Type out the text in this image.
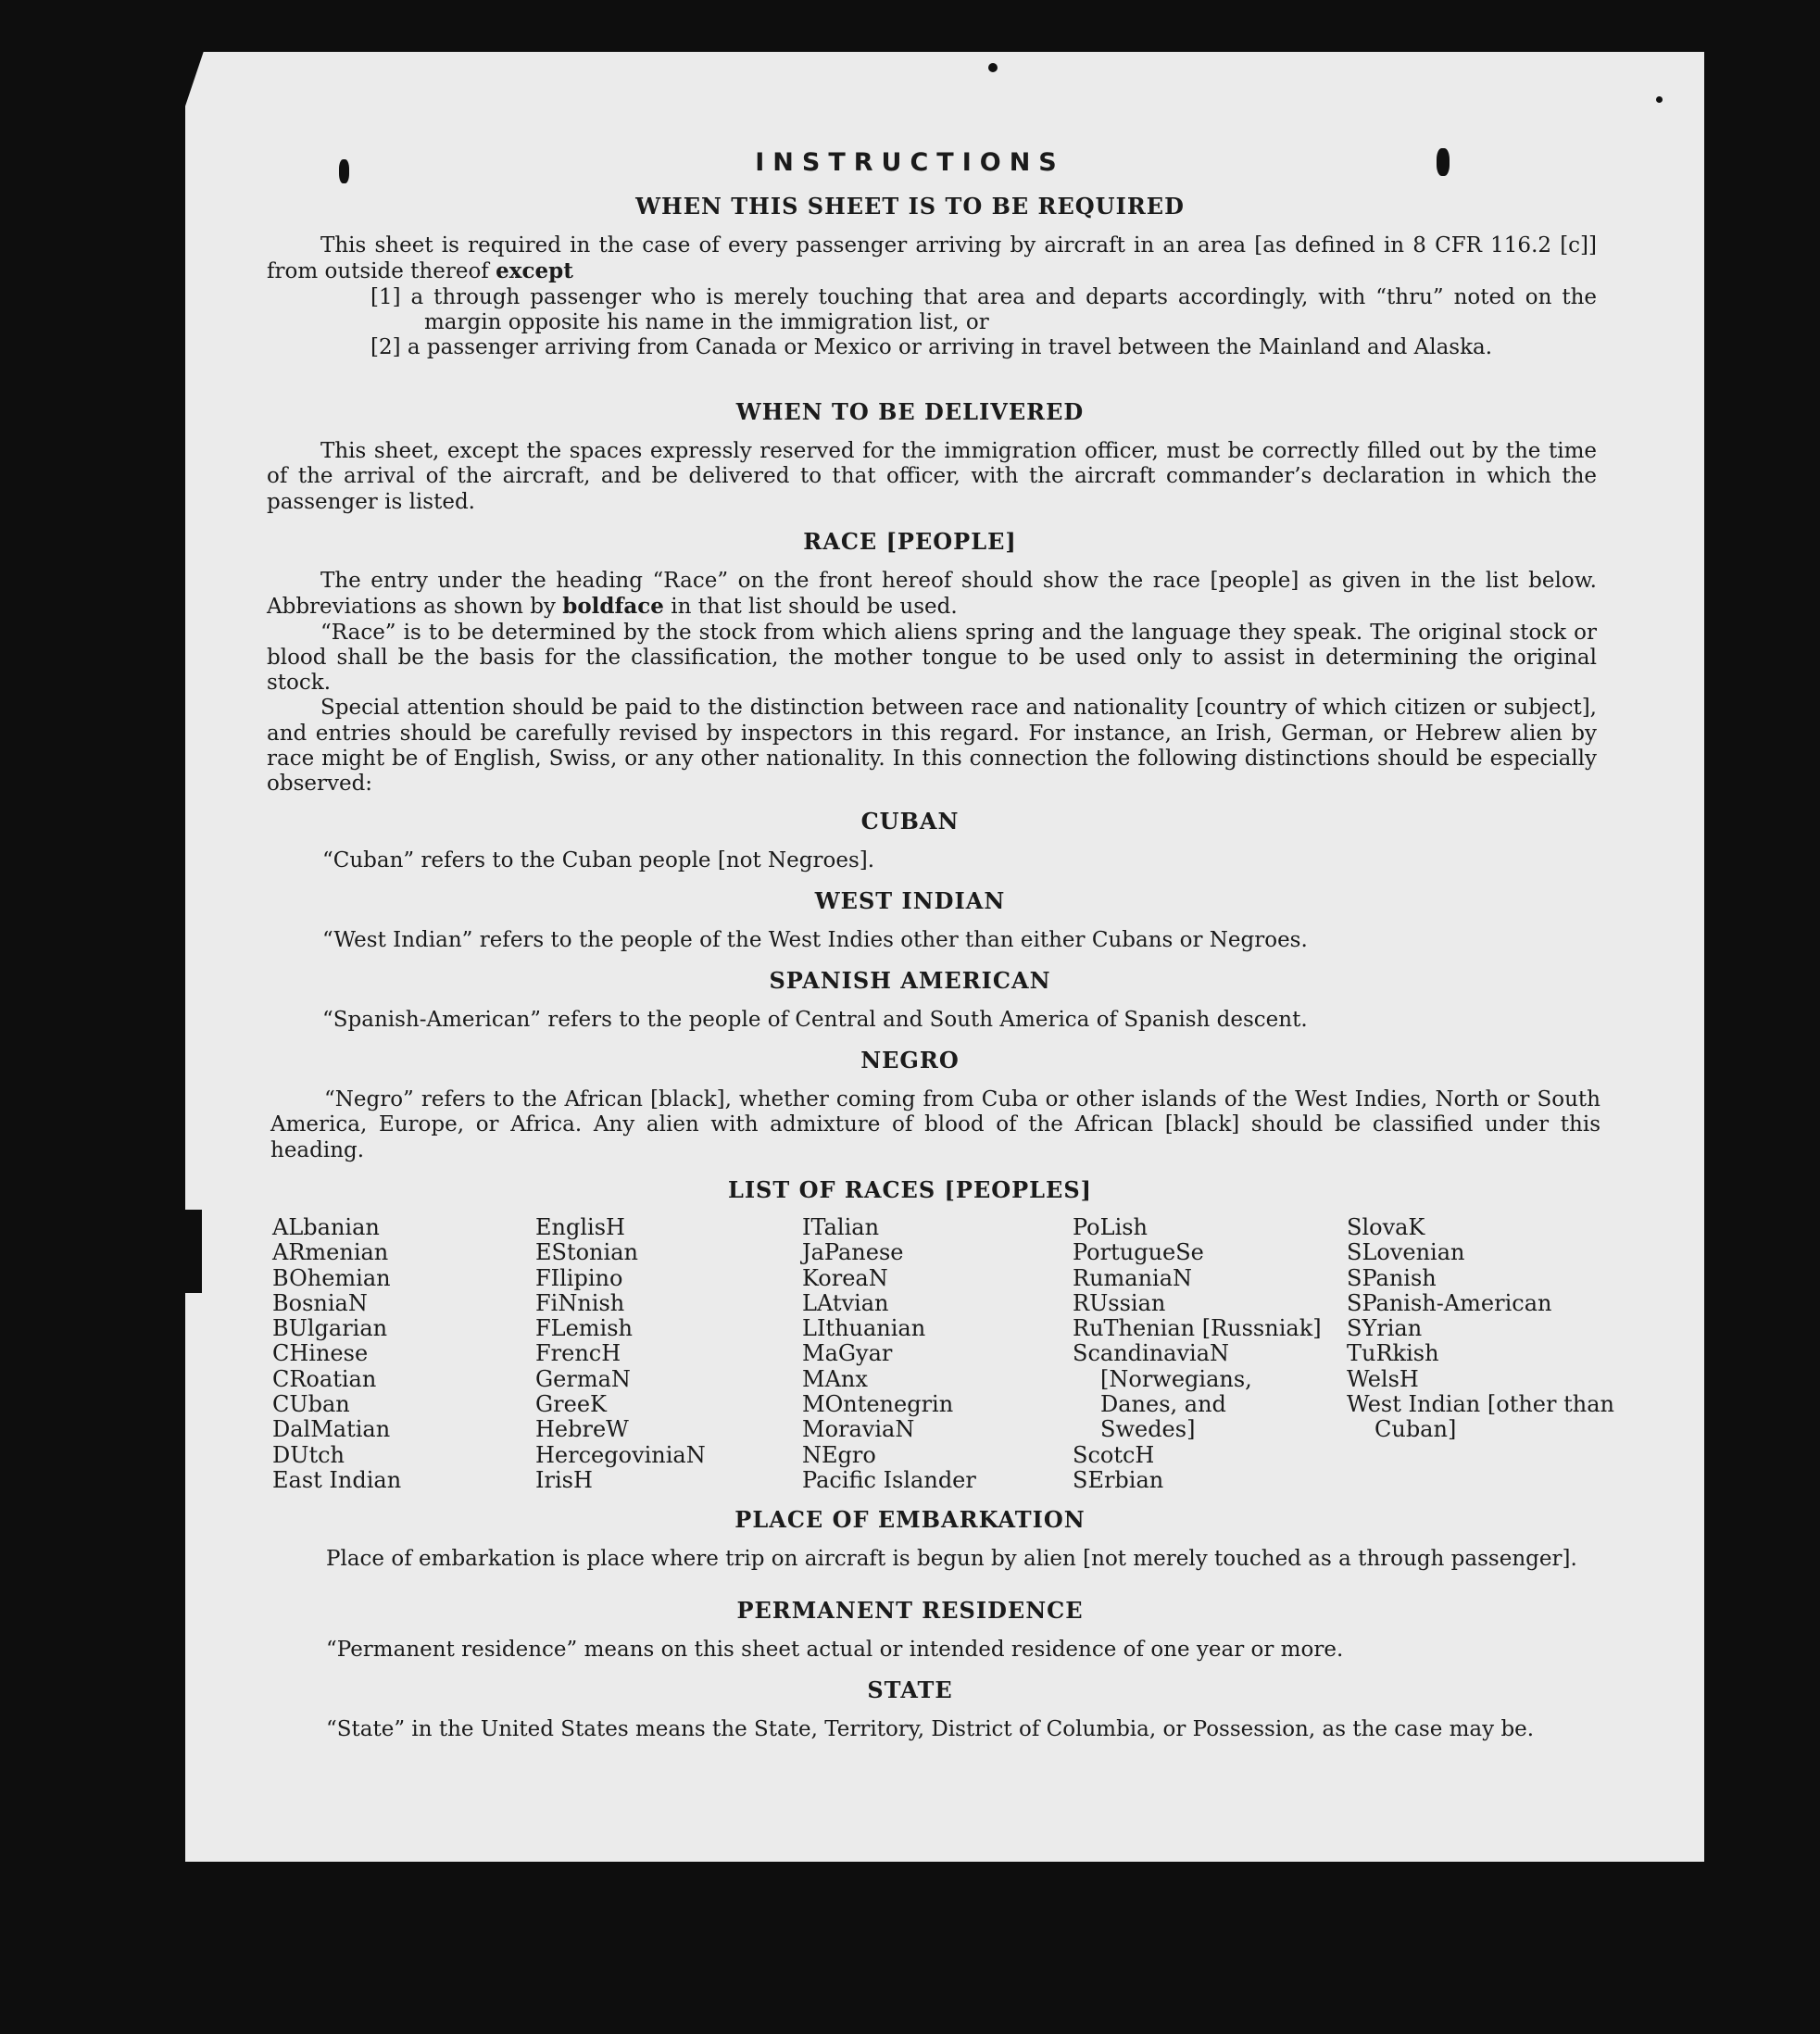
INSTRUCTIONS
WHEN THIS SHEET IS TO BE REQUIRED

This sheet is required in the case of every passenger arriving by aircraft in an area [as defined in 8 CFR 116.2 [c]] from outside thereof except

[1] a through passenger who is merely touching that area and departs accordingly, with “thru” noted on the margin opposite his name in the immigration list, or

[2] a passenger arriving from Canada or Mexico or arriving in travel between the Mainland and Alaska.

WHEN TO BE DELIVERED

This sheet, except the spaces expressly reserved for the immigration officer, must be correctly filled out by the time of the arrival of the aircraft, and be delivered to that officer, with the aircraft commander’s declaration in which the passenger is listed.

RACE [PEOPLE]

The entry under the heading “Race” on the front hereof should show the race [people] as given in the list below. Abbreviations as shown by boldface in that list should be used.

“Race” is to be determined by the stock from which aliens spring and the language they speak. The original stock or blood shall be the basis for the classification, the mother tongue to be used only to assist in determining the original stock.

Special attention should be paid to the distinction between race and nationality [country of which citizen or subject], and entries should be carefully revised by inspectors in this regard. For instance, an Irish, German, or Hebrew alien by race might be of English, Swiss, or any other nationality. In this connection the following distinctions should be especially observed:

CUBAN
“Cuban” refers to the Cuban people [not Negroes].
WEST INDIAN
“West Indian” refers to the people of the West Indies other than either Cubans or Negroes.
SPANISH AMERICAN
“Spanish-American” refers to the people of Central and South America of Spanish descent.
NEGRO

“Negro” refers to the African [black], whether coming from Cuba or other islands of the West Indies, North or South America, Europe, or Africa. Any alien with admixture of blood of the African [black] should be classified under this heading.

LIST OF RACES [PEOPLES]
ALbanian
ARmenian
BOhemian
BosniaN
BUlgarian
CHinese
CRoatian
CUban
DalMatian
DUtch
East Indian
EnglisH
EStonian
FIlipino
FiNnish
FLemish
FrencH
GermaN
GreeK
HebreW
HercegoviniaN
IrisH
ITalian
JaPanese
KoreaN
LAtvian
LIthuanian
MaGyar
MAnx
MOntenegrin
MoraviaN
NEgro
Pacific Islander
PoLish
PortugueSe
RumaniaN
RUssian
RuThenian [Russniak]
ScandinaviaN [Norwegians, Danes, and Swedes]
ScotcH
SErbian
SlovaK
SLovenian
SPanish
SPanish-American
SYrian
TuRkish
WelsH
West Indian [other than Cuban]
PLACE OF EMBARKATION

Place of embarkation is place where trip on aircraft is begun by alien [not merely touched as a through passenger].

PERMANENT RESIDENCE
“Permanent residence” means on this sheet actual or intended residence of one year or more.
STATE

“State” in the United States means the State, Territory, District of Columbia, or Possession, as the case may be.
